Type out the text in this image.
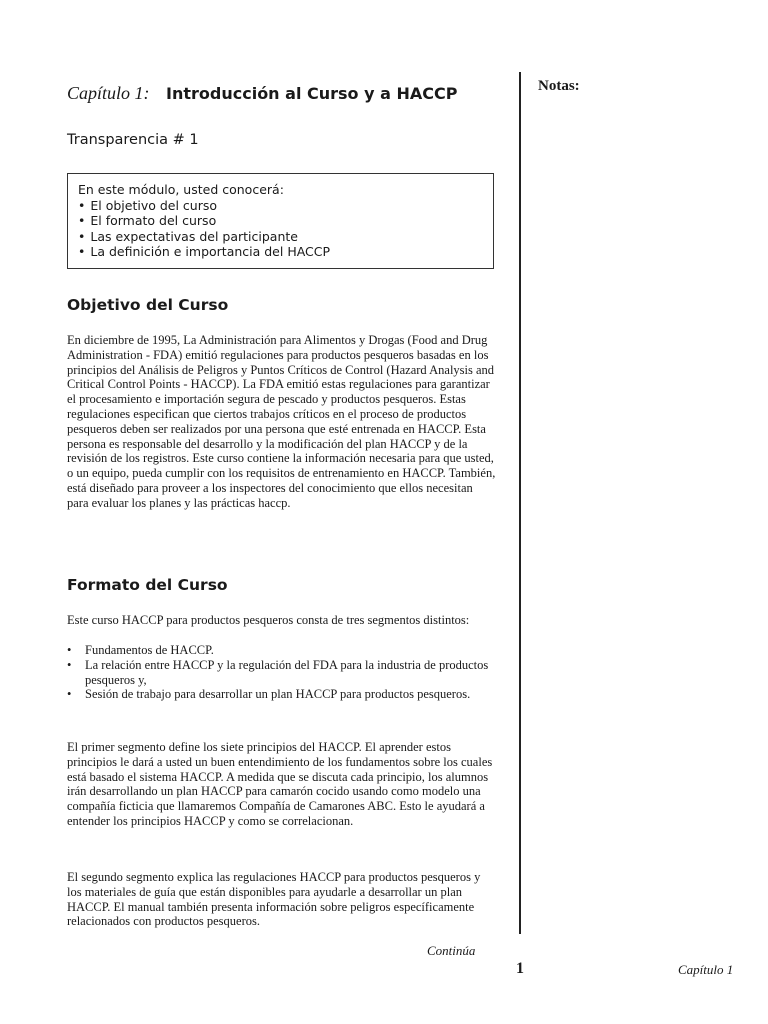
Notas:
Capítulo 1: Introducción al Curso y a HACCP
Transparencia # 1
En este módulo, usted conocerá:
• El objetivo del curso
• El formato del curso
• Las expectativas del participante
• La definición e importancia del HACCP
Objetivo del Curso

En diciembre de 1995, La Administración para Alimentos y Drogas (Food and Drug Administration - FDA) emitió regulaciones para productos pesqueros basadas en los principios del Análisis de Peligros y Puntos Críticos de Control (Hazard Analysis and Critical Control Points - HACCP). La FDA emitió estas regulaciones para garantizar el procesamiento e importación segura de pescado y productos pesqueros. Estas regulaciones especifican que ciertos trabajos críticos en el proceso de productos pesqueros deben ser realizados por una persona que esté entrenada en HACCP. Esta persona es responsable del desarrollo y la modificación del plan HACCP y de la revisión de los registros. Este curso contiene la información necesaria para que usted, o un equipo, pueda cumplir con los requisitos de entrenamiento en HACCP. También, está diseñado para proveer a los inspectores del conocimiento que ellos necesitan para evaluar los planes y las prácticas haccp.

Formato del Curso

Este curso HACCP para productos pesqueros consta de tres segmentos distintos:

• Fundamentos de HACCP.
• La relación entre HACCP y la regulación del FDA para la industria de productos pesqueros y,
• Sesión de trabajo para desarrollar un plan HACCP para productos pesqueros.

El primer segmento define los siete principios del HACCP. El aprender estos principios le dará a usted un buen entendimiento de los fundamentos sobre los cuales está basado el sistema HACCP. A medida que se discuta cada principio, los alumnos irán desarrollando un plan HACCP para camarón cocido usando como modelo una compañía ficticia que llamaremos Compañía de Camarones ABC. Esto le ayudará a entender los principios HACCP y como se correlacionan.

El segundo segmento explica las regulaciones HACCP para productos pesqueros y los materiales de guía que están disponibles para ayudarle a desarrollar un plan HACCP. El manual también presenta información sobre peligros específicamente relacionados con productos pesqueros.

Continúa
1	Capítulo 1
